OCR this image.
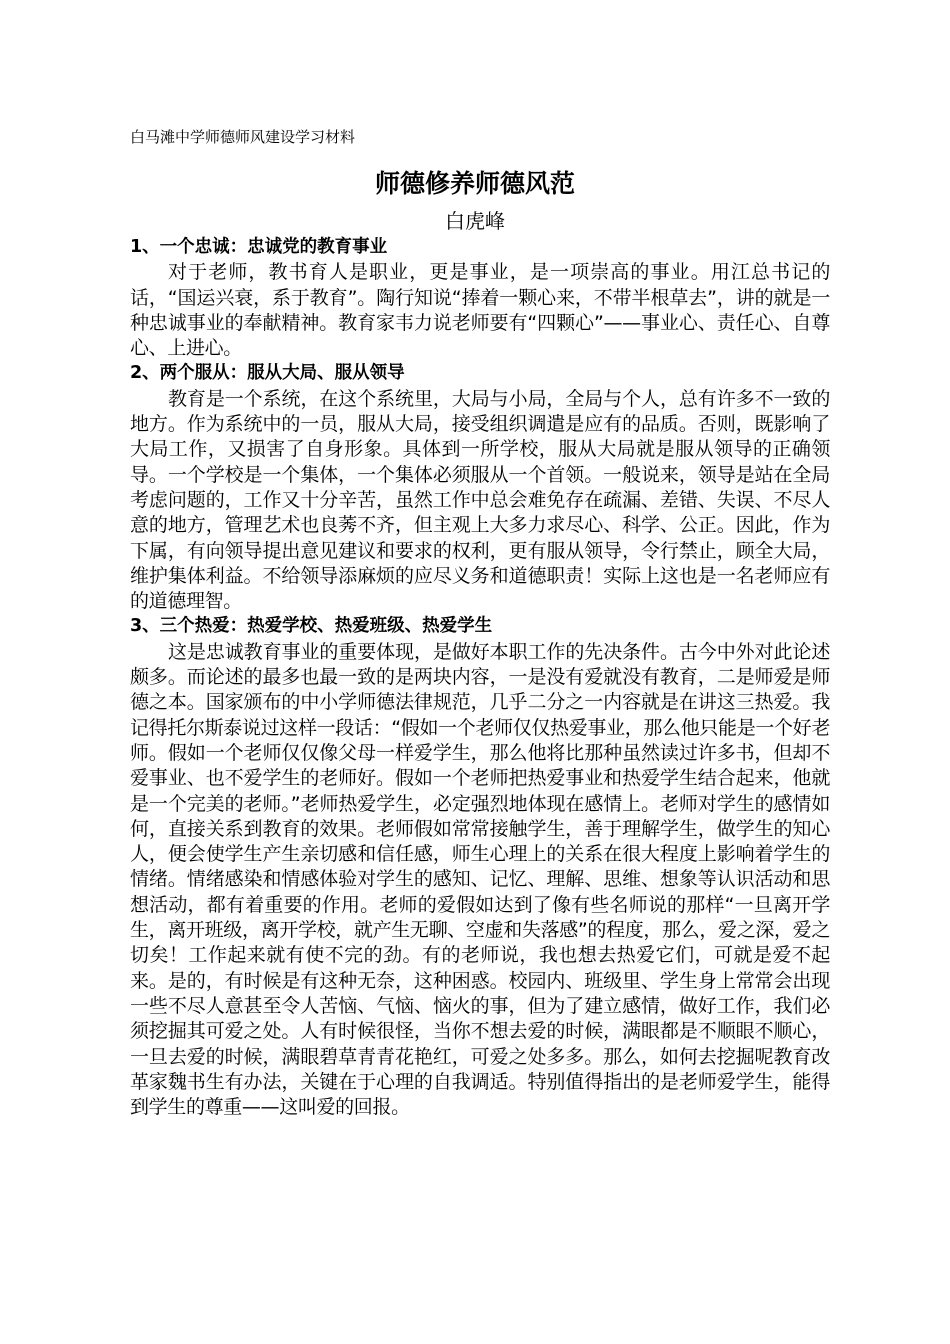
白马滩中学师德师风建设学习材料
师德修养师德风范
白虎峰
1、一个忠诚：忠诚党的教育事业

对于老师，教书育人是职业，更是事业，是一项崇高的事业。用江总书记的话，“国运兴衰，系于教育”。陶行知说“捧着一颗心来，不带半根草去”，讲的就是一种忠诚事业的奉献精神。教育家韦力说老师要有“四颗心”——事业心、责任心、自尊心、上进心。

2、两个服从：服从大局、服从领导

教育是一个系统，在这个系统里，大局与小局，全局与个人，总有许多不一致的地方。作为系统中的一员，服从大局，接受组织调遣是应有的品质。否则，既影响了大局工作，又损害了自身形象。具体到一所学校，服从大局就是服从领导的正确领导。一个学校是一个集体，一个集体必须服从一个首领。一般说来，领导是站在全局考虑问题的，工作又十分辛苦，虽然工作中总会难免存在疏漏、差错、失误、不尽人意的地方，管理艺术也良莠不齐，但主观上大多力求尽心、科学、公正。因此，作为下属，有向领导提出意见建议和要求的权利，更有服从领导，令行禁止，顾全大局，维护集体利益。不给领导添麻烦的应尽义务和道德职责！实际上这也是一名老师应有的道德理智。

3、三个热爱：热爱学校、热爱班级、热爱学生

这是忠诚教育事业的重要体现，是做好本职工作的先决条件。古今中外对此论述颇多。而论述的最多也最一致的是两块内容，一是没有爱就没有教育，二是师爱是师德之本。国家颁布的中小学师德法律规范，几乎二分之一内容就是在讲这三热爱。我记得托尔斯泰说过这样一段话：“假如一个老师仅仅热爱事业，那么他只能是一个好老师。假如一个老师仅仅像父母一样爱学生，那么他将比那种虽然读过许多书，但却不爱事业、也不爱学生的老师好。假如一个老师把热爱事业和热爱学生结合起来，他就是一个完美的老师。”老师热爱学生，必定强烈地体现在感情上。老师对学生的感情如何，直接关系到教育的效果。老师假如常常接触学生，善于理解学生，做学生的知心人，便会使学生产生亲切感和信任感，师生心理上的关系在很大程度上影响着学生的情绪。情绪感染和情感体验对学生的感知、记忆、理解、思维、想象等认识活动和思想活动，都有着重要的作用。老师的爱假如达到了像有些名师说的那样“一旦离开学生，离开班级，离开学校，就产生无聊、空虚和失落感”的程度，那么，爱之深，爱之切矣！工作起来就有使不完的劲。有的老师说，我也想去热爱它们，可就是爱不起来。是的，有时候是有这种无奈，这种困惑。校园内、班级里、学生身上常常会出现一些不尽人意甚至令人苦恼、气恼、恼火的事，但为了建立感情，做好工作，我们必须挖掘其可爱之处。人有时候很怪，当你不想去爱的时候，满眼都是不顺眼不顺心，一旦去爱的时候，满眼碧草青青花艳红，可爱之处多多。那么，如何去挖掘呢教育改革家魏书生有办法，关键在于心理的自我调适。特别值得指出的是老师爱学生，能得到学生的尊重——这叫爱的回报。
